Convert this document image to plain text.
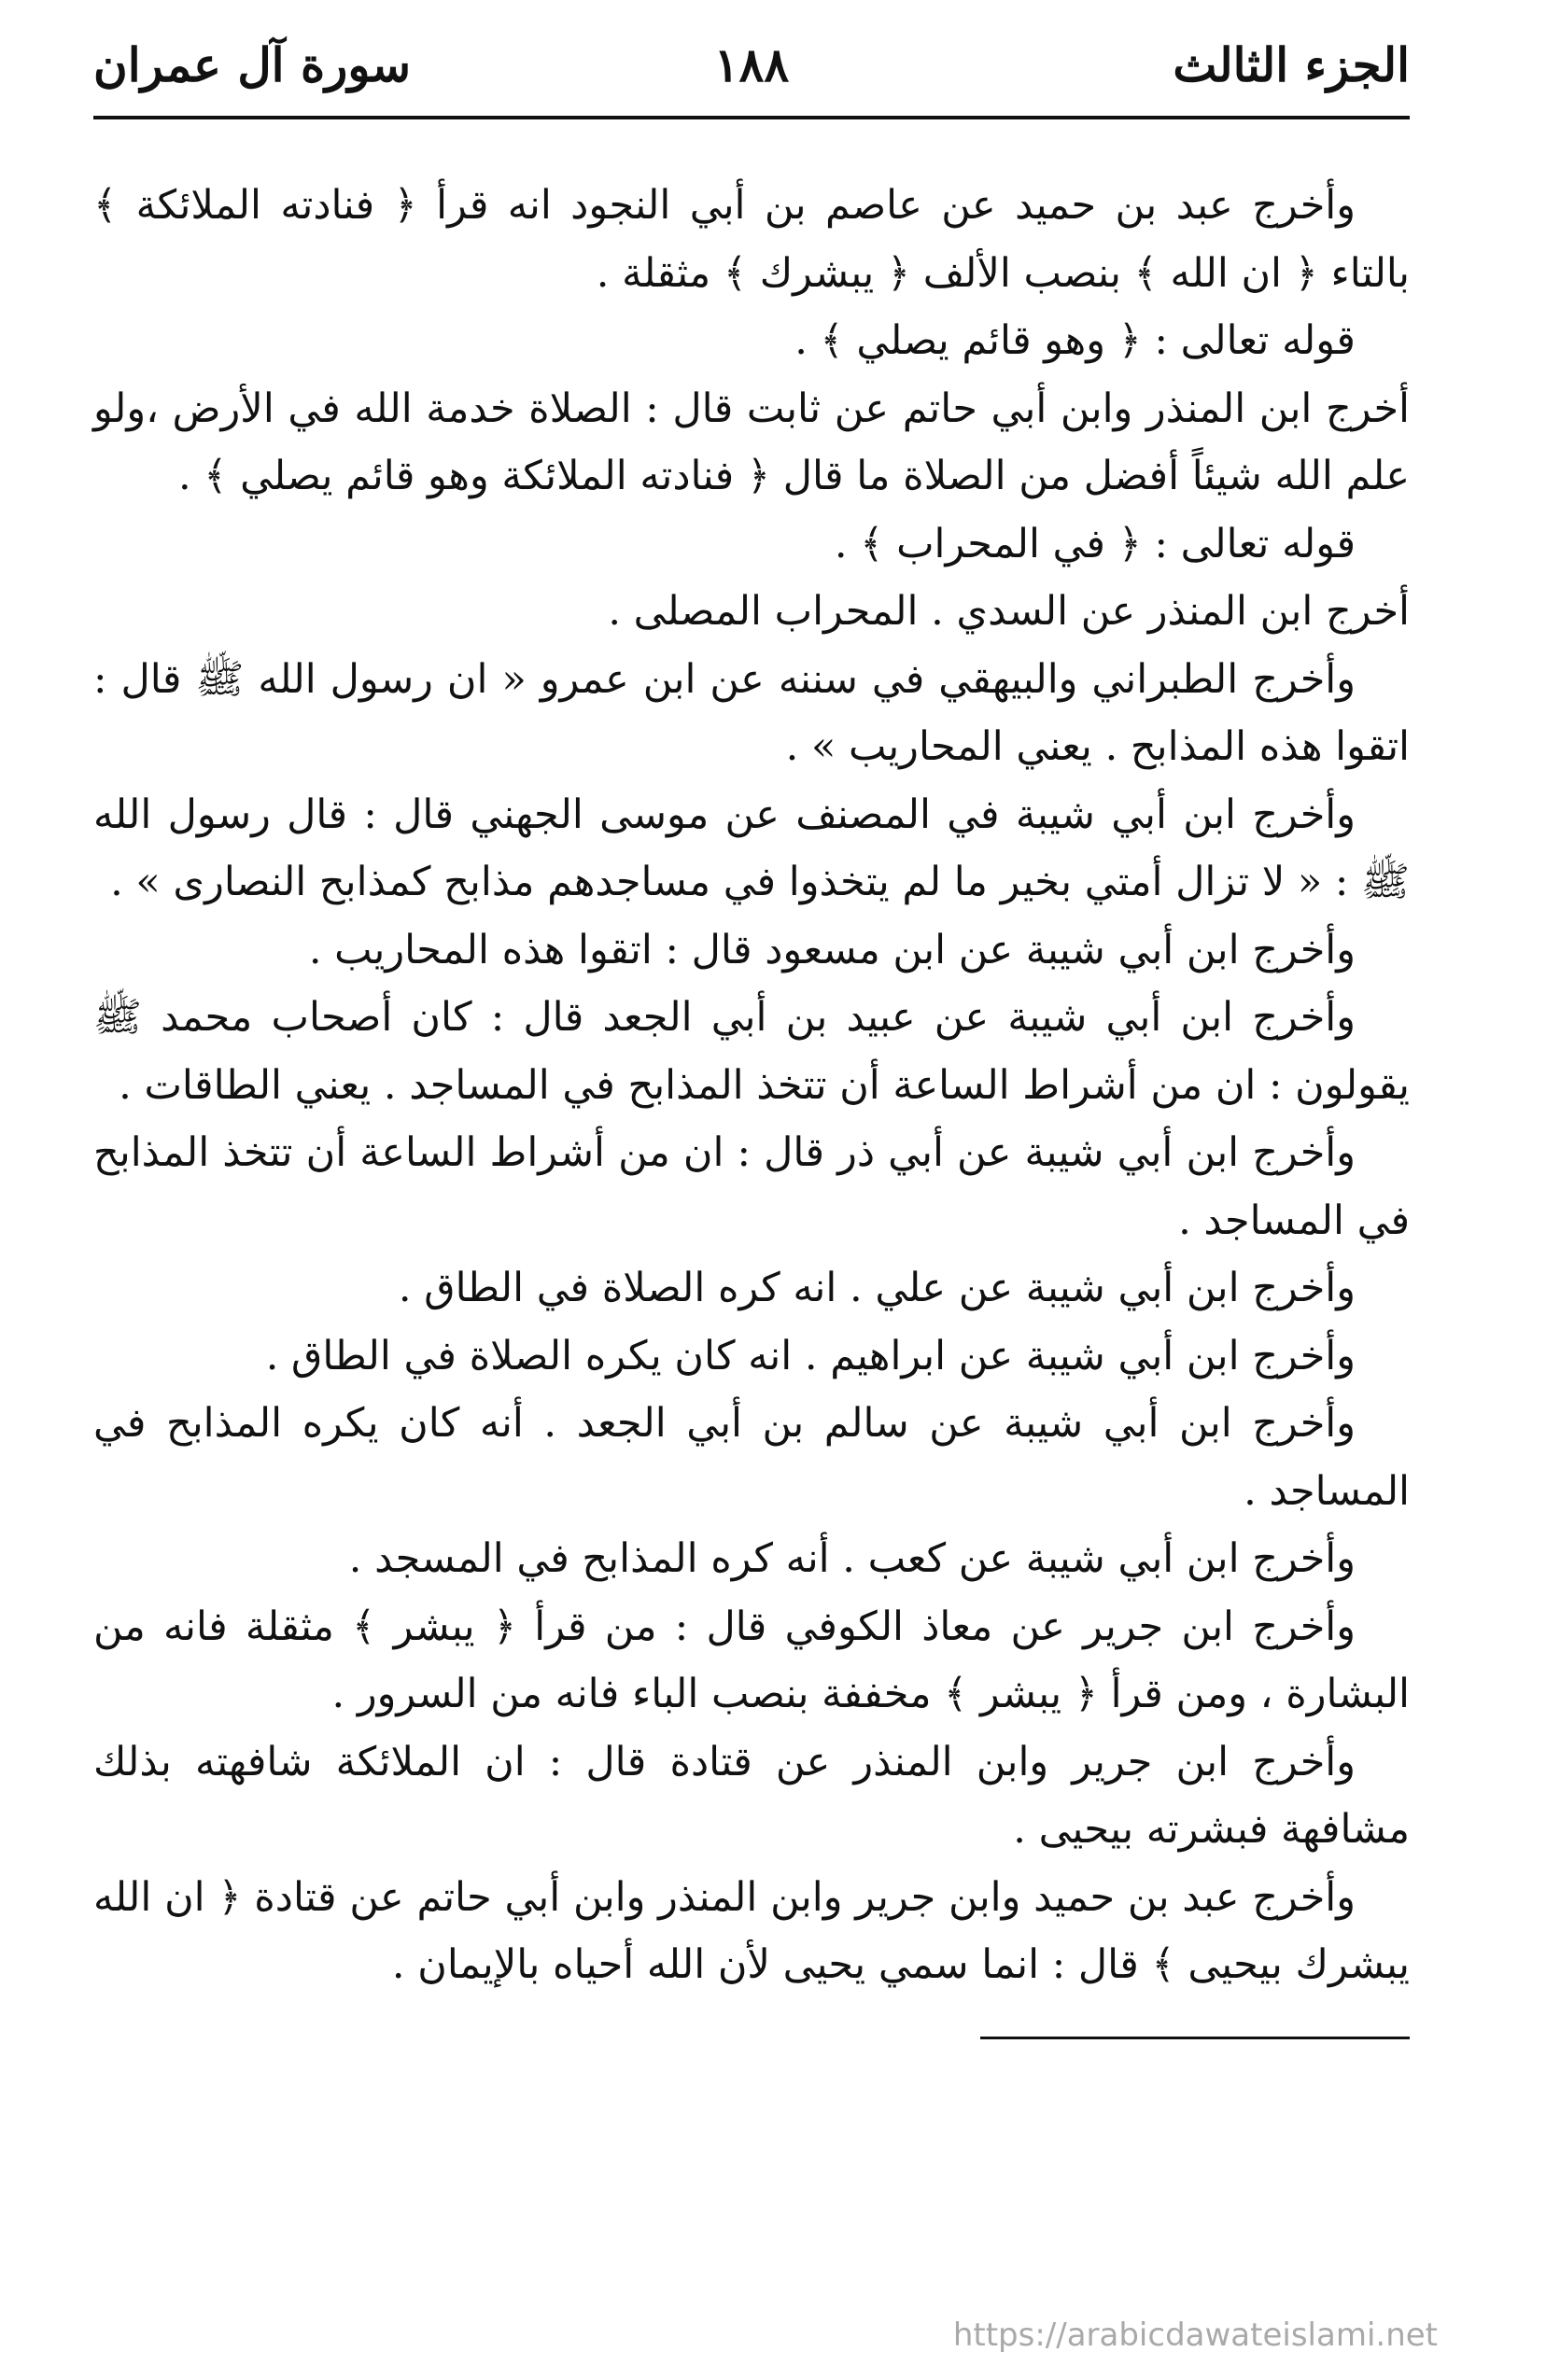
الجزء الثالث
١٨٨
سورة آل عمران

وأخرج عبد بن حميد عن عاصم بن أبي النجود انه قرأ ﴿ فنادته الملائكة ﴾ بالتاء ﴿ ان الله ﴾ بنصب الألف ﴿ يبشرك ﴾ مثقلة .

قوله تعالى : ﴿ وهو قائم يصلي ﴾ .

أخرج ابن المنذر وابن أبي حاتم عن ثابت قال : الصلاة خدمة الله في الأرض ،ولو علم الله شيئاً أفضل من الصلاة ما قال ﴿ فنادته الملائكة وهو قائم يصلي ﴾ .

قوله تعالى : ﴿ في المحراب ﴾ .

أخرج ابن المنذر عن السدي . المحراب المصلى .

وأخرج الطبراني والبيهقي في سننه عن ابن عمرو « ان رسول الله ﷺ قال : اتقوا هذه المذابح . يعني المحاريب » .

وأخرج ابن أبي شيبة في المصنف عن موسى الجهني قال : قال رسول الله ﷺ : « لا تزال أمتي بخير ما لم يتخذوا في مساجدهم مذابح كمذابح النصارى » .

وأخرج ابن أبي شيبة عن ابن مسعود قال : اتقوا هذه المحاريب .

وأخرج ابن أبي شيبة عن عبيد بن أبي الجعد قال : كان أصحاب محمد ﷺ يقولون : ان من أشراط الساعة أن تتخذ المذابح في المساجد . يعني الطاقات .

وأخرج ابن أبي شيبة عن أبي ذر قال : ان من أشراط الساعة أن تتخذ المذابح في المساجد .

وأخرج ابن أبي شيبة عن علي . انه كره الصلاة في الطاق .

وأخرج ابن أبي شيبة عن ابراهيم . انه كان يكره الصلاة في الطاق .

وأخرج ابن أبي شيبة عن سالم بن أبي الجعد . أنه كان يكره المذابح في المساجد .

وأخرج ابن أبي شيبة عن كعب . أنه كره المذابح في المسجد .

وأخرج ابن جرير عن معاذ الكوفي قال : من قرأ ﴿ يبشر ﴾ مثقلة فانه من البشارة ، ومن قرأ ﴿ يبشر ﴾ مخففة بنصب الباء فانه من السرور .

وأخرج ابن جرير وابن المنذر عن قتادة قال : ان الملائكة شافهته بذلك مشافهة فبشرته بيحيى .

وأخرج عبد بن حميد وابن جرير وابن المنذر وابن أبي حاتم عن قتادة ﴿ ان الله يبشرك بيحيى ﴾ قال : انما سمي يحيى لأن الله أحياه بالإيمان .

https://arabicdawateislami.net
